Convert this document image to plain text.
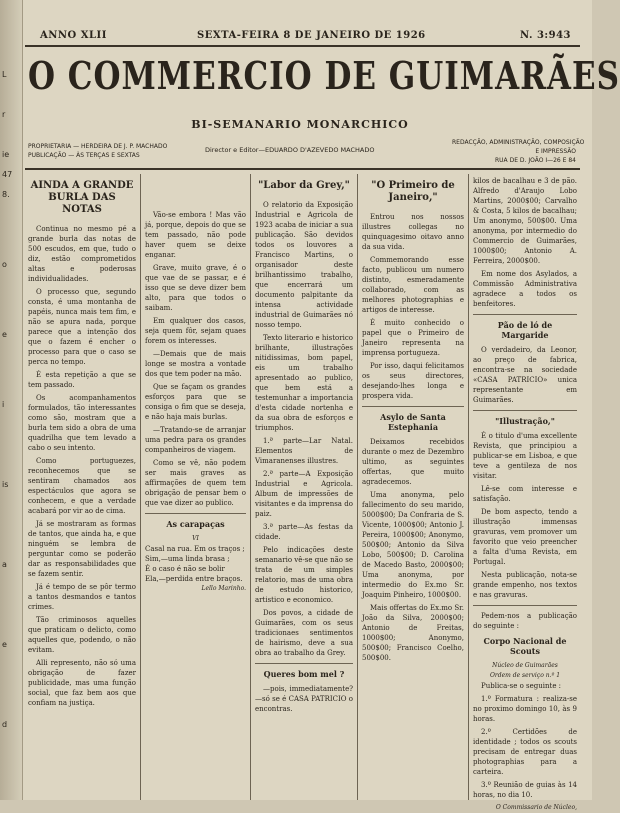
L
r
ie
47
8.
o
e
i
is
a
e
d
ANNO XLII	SEXTA-FEIRA 8 DE JANEIRO DE 1926	N. 3:943
O COMMERCIO DE GUIMARÃES
BI-SEMANARIO MONARCHICO
PROPRIETARIA — HERDEIRA DE J. P. MACHADO
PUBLICAÇÃO — ÀS TERÇAS E SEXTAS
Director e Editor—EDUARDO D'AZEVEDO MACHADO
REDACÇÃO, ADMINISTRAÇÃO, COMPOSIÇÃO
E IMPRESSÃO
RUA DE D. JOÃO I—26 E 84
AINDA A GRANDE BURLA DAS NOTAS

Continua no mesmo pé a grande burla das notas de 500 escudos, em que, tudo o diz, estão comprometidos altas e poderosas individualidades.

O processo que, segundo consta, é uma montanha de papéis, nunca mais tem fim, e não se apura nada, porque parece que a intenção dos que o fazem é encher o processo para que o caso se perca no tempo.

É esta repetição a que se tem passado.

Os acompanhamentos formulados, tão interessantes como são, mostram que a burla tem sido a obra de uma quadrilha que tem levado a cabo o seu intento.

Como portuguezes, reconhecemos que se sentiram chamados aos espectáculos que agora se conhecem, e que a verdade acabará por vir ao de cima.

Já se mostraram as formas de tantos, que ainda ha, e que ninguém se lembra de perguntar como se poderão dar as responsabilidades que se fazem sentir.

Já é tempo de se pôr termo a tantos desmandos e tantos crimes.

Tão criminosos aquelles que praticam o delicto, como aquelles que, podendo, o não evitam.

Alli represento, não só uma obrigação de fazer publicidade, mas uma função social, que faz bem aos que confiam na justiça.

Vão-se embora ! Mas vão já, porque, depois do que se tem passado, não pode haver quem se deixe enganar.

Grave, muito grave, é o que vae de se passar, e é isso que se deve dizer bem alto, para que todos o saibam.

Em qualquer dos casos, seja quem fôr, sejam quaes forem os interesses.

—Demais que de mais longe se mostra a vontade dos que tem poder na mão.

Que se façam os grandes esforços para que se consiga o fim que se deseja, e não haja mais burlas.

—Tratando-se de arranjar uma pedra para os grandes companheiros de viagem.

Como se vê, não podem ser mais graves as affirmações de quem tem obrigação de pensar bem o que vae dizer ao publico.

As carapaças
VI
Casal na rua. Em os traços ;
Sim,—uma linda brasa ;
É o caso é não se bolir
Ela,—perdida entre braços.
Lello Marinho.
"Labor da Grey,"

O relatorio da Exposição Industrial e Agricola de 1923 acaba de iniciar a sua publicação. São devidos todos os louvores a Francisco Martins, o organisador deste brilhantissimo trabalho, que encerrará um documento palpitante da intensa actividade industrial de Guimarães nó nosso tempo.

Texto literario e historico brilhante, illustrações nitidissimas, bom papel, eis um trabalho apresentado ao publico, que bem está a testemunhar a importancia d'esta cidade nortenha e da sua obra de esforços e triumphos.

1.ª parte—Lar Natal. Elementos de Vimaranenses illustres.

2.ª parte—A Exposição Industrial e Agricola. Album de impressões de visitantes e da imprensa do paiz.

3.ª parte—As festas da cidade.

Pelo indicações deste semanario vê-se que não se trata de um simples relatorio, mas de uma obra de estudo historico, artistico e economico.

Dos povos, a cidade de Guimarães, com os seus tradicionaes sentimentos de hairismo, deve a sua obra ao trabalho da Grey.

Queres bom mel ?

—pois, immediatamente?—só se é CASA PATRICIO o encontras.

"O Primeiro de Janeiro,"

Entrou nos nossos illustres collegas no quinquagesimo oitavo anno da sua vida.

Commemorando esse facto, publicou um numero distinto, esmeradamente collaborado, com as melhores photographias e artigos de interesse.

É muito conhecido o papel que o Primeiro de Janeiro representa na imprensa portugueza.

Por isso, daqui felicitamos os seus directores, desejando-lhes longa e prospera vida.

Asylo de Santa Estephania

Deixamos recebidos durante o mez de Dezembro ultimo, as seguintes offertas, que muito agradecemos.

Uma anonyma, pelo fallecimento do seu marido, 5000$00; Da Confraria de S. Vicente, 1000$00; Antonio J. Pereira, 1000$00; Anonymo, 500$00; Antonio da Silva Lobo, 500$00; D. Carolina de Macedo Basto, 2000$00; Uma anonyma, por intermedio do Ex.mo Sr. Joaquim Pinheiro, 1000$00.

Mais offertas do Ex.mo Sr. João da Silva, 2000$00; Antonio de Freitas, 1000$00; Anonymo, 500$00; Francisco Coelho, 500$00.

kilos de bacalhau e 3 de pão. Alfredo d'Araujo Lobo Martins, 2000$00; Carvalho & Costa, 5 kilos de bacalhau; Um anonymo, 500$00. Uma anonyma, por intermedio do Commercio de Guimarães, 1000$00; Antonio A. Ferreira, 2000$00.

Em nome dos Asylados, a Commissão Administrativa agradece a todos os benfeitores.

Pão de ló de Margaride

O verdadeiro, da Leonor, ao preço de fabrica, encontra-se na sociedade «CASA PATRICIO» unica representante em Guimarães.

"Illustração,"

É o titulo d'uma excellente Revista, que principiou a publicar-se em Lisboa, e que teve a gentileza de nos visitar.

Lê-se com interesse e satisfação.

De bom aspecto, tendo a illustração immensas gravuras, vem promover um favorito que veio preencher a falta d'uma Revista, em Portugal.

Nesta publicação, nota-se grande empenho, nos textos e nas gravuras.

Pedem-nos a publicação do seguinte :

Corpo Nacional de Scouts
Núcleo de Guimarães
Ordem de serviço n.º 1

Publica-se o seguinte :

1.º Formatura : realiza-se no proximo domingo 10, às 9 horas.

2.º Certidões de identidade ; todos os scouts precisam de entregar duas photographias para a carteira.

3.º Reunião de guias às 14 horas, no dia 10.

O Commissario de Núcleo,
